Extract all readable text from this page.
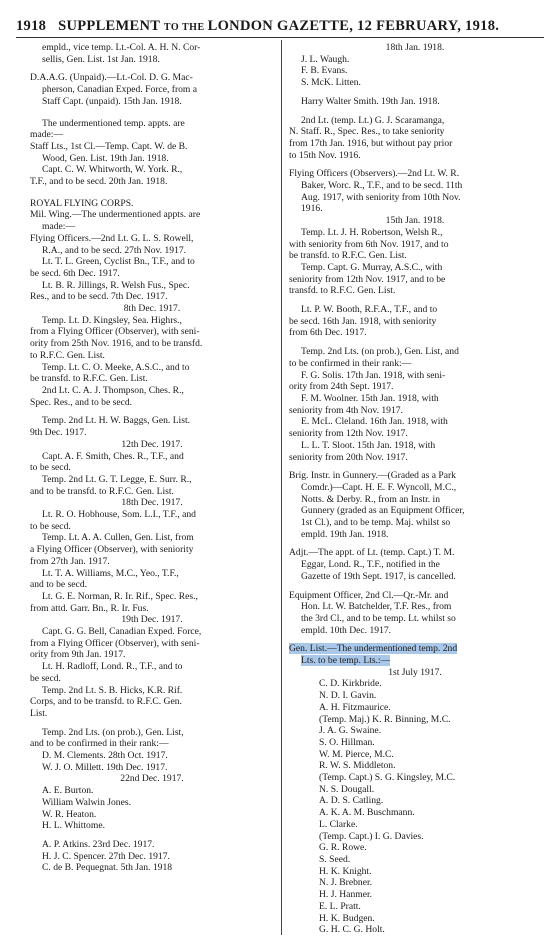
1918 SUPPLEMENT TO THE LONDON GAZETTE, 12 FEBRUARY, 1918.
empld., vice temp. Lt.-Col. A. H. N. Cor-
sellis, Gen. List. 1st Jan. 1918.
D.A.A.G. (Unpaid).—Lt.-Col. D. G. Mac-
pherson, Canadian Exped. Force, from a
Staff Capt. (unpaid). 15th Jan. 1918.
The undermentioned temp. appts. are
made:—
Staff Lts., 1st Cl.—Temp. Capt. W. de B.
Wood, Gen. List. 19th Jan. 1918.
Capt. C. W. Whitworth, W. York. R.,
T.F., and to be secd. 20th Jan. 1918.
ROYAL FLYING CORPS.
Mil. Wing.—The undermentioned appts. are
made:—
Flying Officers.—2nd Lt. G. L. S. Rowell,
R.A., and to be secd. 27th Nov. 1917.
Lt. T. L. Green, Cyclist Bn., T.F., and to
be secd. 6th Dec. 1917.
Lt. B. R. Jillings, R. Welsh Fus., Spec.
Res., and to be secd. 7th Dec. 1917.
8th Dec. 1917.
Temp. Lt. D. Kingsley, Sea. Highrs.,
from a Flying Officer (Observer), with seni-
ority from 25th Nov. 1916, and to be transfd.
to R.F.C. Gen. List.
Temp. Lt. C. O. Meeke, A.S.C., and to
be transfd. to R.F.C. Gen. List.
2nd Lt. C. A. J. Thompson, Ches. R.,
Spec. Res., and to be secd.
Temp. 2nd Lt. H. W. Baggs, Gen. List.
9th Dec. 1917.
12th Dec. 1917.
Capt. A. F. Smith, Ches. R., T.F., and
to be secd.
Temp. 2nd Lt. G. T. Legge, E. Surr. R.,
and to be transfd. to R.F.C. Gen. List.
18th Dec. 1917.
Lt. R. O. Hobhouse, Som. L.I., T.F., and
to be secd.
Temp. Lt. A. A. Cullen, Gen. List, from
a Flying Officer (Observer), with seniority
from 27th Jan. 1917.
Lt. T. A. Williams, M.C., Yeo., T.F.,
and to be secd.
Lt. G. E. Norman, R. Ir. Rif., Spec. Res.,
from attd. Garr. Bn., R. Ir. Fus.
19th Dec. 1917.
Capt. G. G. Bell, Canadian Exped. Force,
from a Flying Officer (Observer), with seni-
ority from 9th Jan. 1917.
Lt. H. Radloff, Lond. R., T.F., and to
be secd.
Temp. 2nd Lt. S. B. Hicks, K.R. Rif.
Corps, and to be transfd. to R.F.C. Gen.
List.
Temp. 2nd Lts. (on prob.), Gen. List,
and to be confirmed in their rank:—
D. M. Clements. 28th Oct. 1917.
W. J. O. Millett. 19th Dec. 1917.
22nd Dec. 1917.
A. E. Burton.
William Walwin Jones.
W. R. Heaton.
H. L. Whittome.
A. P. Atkins. 23rd Dec. 1917.
H. J. C. Spencer. 27th Dec. 1917.
C. de B. Pequegnat. 5th Jan. 1918
18th Jan. 1918.
J. L. Waugh.
F. B. Evans.
S. McK. Litten.
Harry Walter Smith. 19th Jan. 1918.
2nd Lt. (temp. Lt.) G. J. Scaramanga,
N. Staff. R., Spec. Res., to take seniority
from 17th Jan. 1916, but without pay prior
to 15th Nov. 1916.
Flying Officers (Observers).—2nd Lt. W. R.
Baker, Worc. R., T.F., and to be secd. 11th
Aug. 1917, with seniority from 10th Nov.
1916.
15th Jan. 1918.
Temp. Lt. J. H. Robertson, Welsh R.,
with seniority from 6th Nov. 1917, and to
be transfd. to R.F.C. Gen. List.
Temp. Capt. G. Murray, A.S.C., with
seniority from 12th Nov. 1917, and to be
transfd. to R.F.C. Gen. List.
Lt. P. W. Booth, R.F.A., T.F., and to
be secd. 16th Jan. 1918, with seniority
from 6th Dec. 1917.
Temp. 2nd Lts. (on prob.), Gen. List, and
to be confirmed in their rank:—
F. G. Solis. 17th Jan. 1918, with seni-
ority from 24th Sept. 1917.
F. M. Woolner. 15th Jan. 1918, with
seniority from 4th Nov. 1917.
E. McL. Cleland. 16th Jan. 1918, with
seniority from 12th Nov. 1917.
L. L. T. Sloot. 15th Jan. 1918, with
seniority from 20th Nov. 1917.
Brig. Instr. in Gunnery.—(Graded as a Park
Comdr.)—Capt. H. E. F. Wyncoll, M.C.,
Notts. & Derby. R., from an Instr. in
Gunnery (graded as an Equipment Officer,
1st Cl.), and to be temp. Maj. whilst so
empld. 19th Jan. 1918.
Adjt.—The appt. of Lt. (temp. Capt.) T. M.
Eggar, Lond. R., T.F., notified in the
Gazette of 19th Sept. 1917, is cancelled.
Equipment Officer, 2nd Cl.—Qr.-Mr. and
Hon. Lt. W. Batchelder, T.F. Res., from
the 3rd Cl., and to be temp. Lt. whilst so
empld. 10th Dec. 1917.
Gen. List.—The undermentioned temp. 2nd
Lts. to be temp. Lts.:—
1st July 1917.
C. D. Kirkbride.
N. D. I. Gavin.
A. H. Fitzmaurice.
(Temp. Maj.) K. R. Binning, M.C.
J. A. G. Swaine.
S. O. Hillman.
W. M. Pierce, M.C.
R. W. S. Middleton.
(Temp. Capt.) S. G. Kingsley, M.C.
N. S. Dougall.
A. D. S. Catling.
A. K. A. M. Buschmann.
L. Clarke.
(Temp. Capt.) I. G. Davies.
G. R. Rowe.
S. Seed.
H. K. Knight.
N. J. Brebner.
H. J. Hanmer.
E. L. Pratt.
H. K. Budgen.
G. H. C. G. Holt.
